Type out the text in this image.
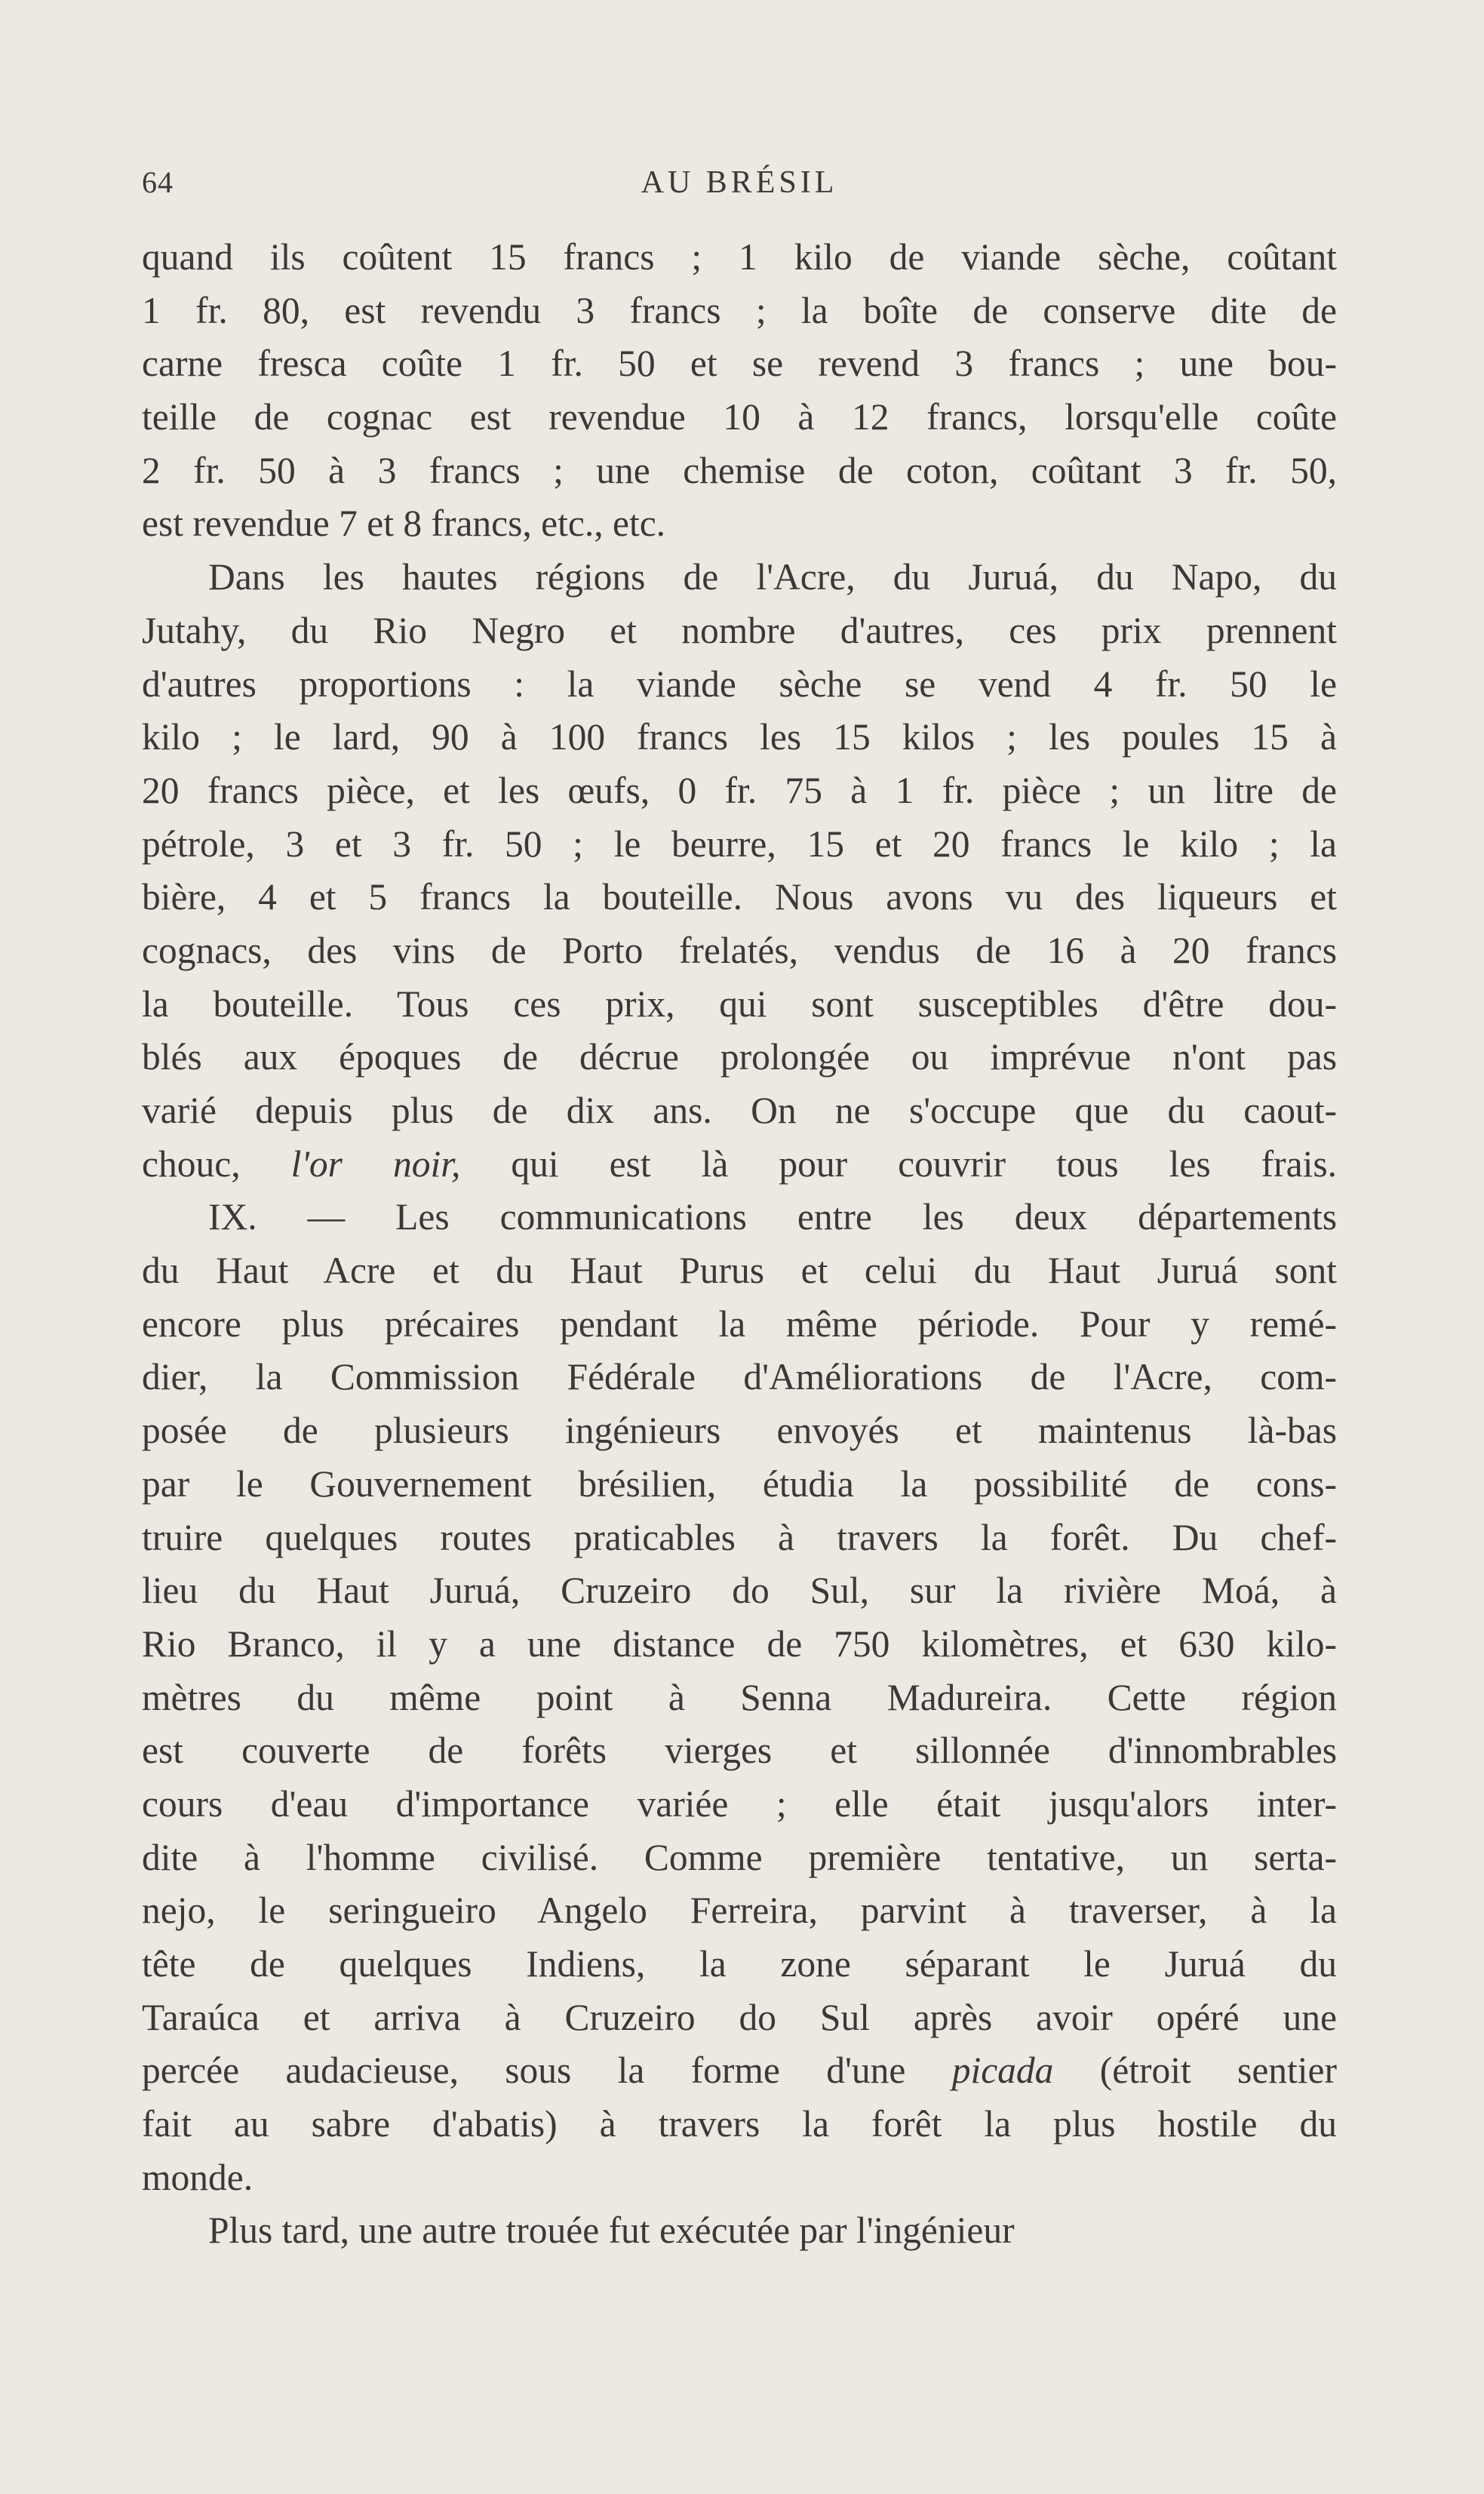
64	AU BRÉSIL
quand ils coûtent 15 francs ; 1 kilo de viande sèche, coûtant
1 fr. 80, est revendu 3 francs ; la boîte de conserve dite de
carne fresca coûte 1 fr. 50 et se revend 3 francs ; une bou-
teille de cognac est revendue 10 à 12 francs, lorsqu'elle coûte
2 fr. 50 à 3 francs ; une chemise de coton, coûtant 3 fr. 50,
est revendue 7 et 8 francs, etc., etc.
Dans les hautes régions de l'Acre, du Juruá, du Napo, du
Jutahy, du Rio Negro et nombre d'autres, ces prix prennent
d'autres proportions : la viande sèche se vend 4 fr. 50 le
kilo ; le lard, 90 à 100 francs les 15 kilos ; les poules 15 à
20 francs pièce, et les œufs, 0 fr. 75 à 1 fr. pièce ; un litre de
pétrole, 3 et 3 fr. 50 ; le beurre, 15 et 20 francs le kilo ; la
bière, 4 et 5 francs la bouteille. Nous avons vu des liqueurs et
cognacs, des vins de Porto frelatés, vendus de 16 à 20 francs
la bouteille. Tous ces prix, qui sont susceptibles d'être dou-
blés aux époques de décrue prolongée ou imprévue n'ont pas
varié depuis plus de dix ans. On ne s'occupe que du caout-
chouc, l'or noir, qui est là pour couvrir tous les frais.
IX. — Les communications entre les deux départements
du Haut Acre et du Haut Purus et celui du Haut Juruá sont
encore plus précaires pendant la même période. Pour y remé-
dier, la Commission Fédérale d'Améliorations de l'Acre, com-
posée de plusieurs ingénieurs envoyés et maintenus là-bas
par le Gouvernement brésilien, étudia la possibilité de cons-
truire quelques routes praticables à travers la forêt. Du chef-
lieu du Haut Juruá, Cruzeiro do Sul, sur la rivière Moá, à
Rio Branco, il y a une distance de 750 kilomètres, et 630 kilo-
mètres du même point à Senna Madureira. Cette région
est couverte de forêts vierges et sillonnée d'innombrables
cours d'eau d'importance variée ; elle était jusqu'alors inter-
dite à l'homme civilisé. Comme première tentative, un serta-
nejo, le seringueiro Angelo Ferreira, parvint à traverser, à la
tête de quelques Indiens, la zone séparant le Juruá du
Taraúca et arriva à Cruzeiro do Sul après avoir opéré une
percée audacieuse, sous la forme d'une picada (étroit sentier
fait au sabre d'abatis) à travers la forêt la plus hostile du
monde.
Plus tard, une autre trouée fut exécutée par l'ingénieur
